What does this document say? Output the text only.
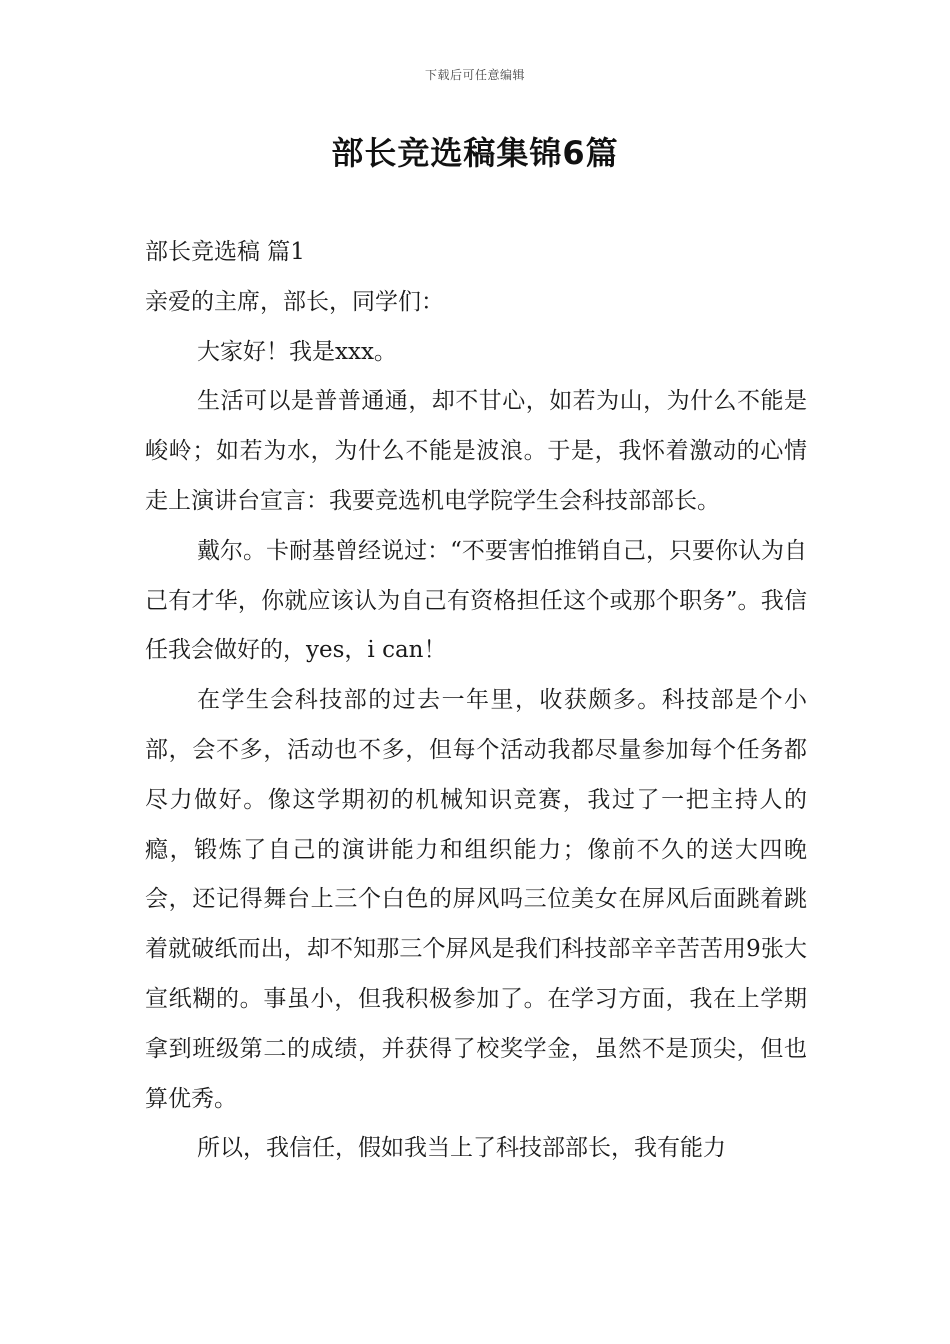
下载后可任意编辑
部长竞选稿集锦6篇

部长竞选稿 篇1

亲爱的主席，部长，同学们：

大家好！我是xxx。

生活可以是普普通通，却不甘心，如若为山，为什么不能是峻岭；如若为水，为什么不能是波浪。于是，我怀着激动的心情走上演讲台宣言：我要竞选机电学院学生会科技部部长。

戴尔。卡耐基曾经说过：“不要害怕推销自己，只要你认为自己有才华，你就应该认为自己有资格担任这个或那个职务”。我信任我会做好的，yes，i can！

在学生会科技部的过去一年里，收获颇多。科技部是个小部，会不多，活动也不多，但每个活动我都尽量参加每个任务都尽力做好。像这学期初的机械知识竞赛，我过了一把主持人的瘾，锻炼了自己的演讲能力和组织能力；像前不久的送大四晚会，还记得舞台上三个白色的屏风吗三位美女在屏风后面跳着跳着就破纸而出，却不知那三个屏风是我们科技部辛辛苦苦用9张大宣纸糊的。事虽小，但我积极参加了。在学习方面，我在上学期拿到班级第二的成绩，并获得了校奖学金，虽然不是顶尖，但也算优秀。

所以，我信任，假如我当上了科技部部长，我有能力
